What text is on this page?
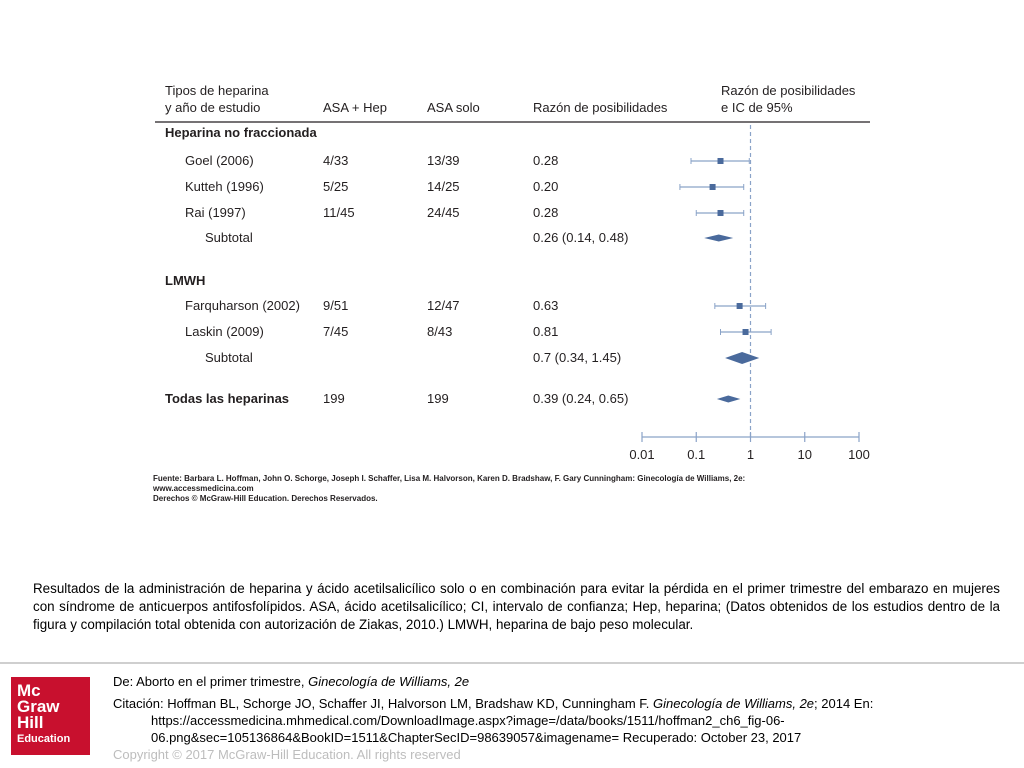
Tipos de heparina
y año de estudio	ASA + Hep	ASA solo	Razón de posibilidades
Razón de posibilidades
e IC de 95%
Heparina no fraccionada
Goel (2006)	4/33	13/39	0.28
Kutteh (1996)	5/25	14/25	0.20
Rai (1997)	11/45	24/45	0.28
Subtotal	0.26 (0.14, 0.48)
LMWH
Farquharson (2002) 9/51	12/47	0.63
Laskin (2009)	7/45	8/43	0.81
Subtotal	0.7 (0.34, 1.45)
Todas las heparinas	199	199	0.39 (0.24, 0.65)
0.01	0.1	1	10	100
Fuente: Barbara L. Hoffman, John O. Schorge, Joseph I. Schaffer, Lisa M. Halvorson, Karen D. Bradshaw, F. Gary Cunningham: Ginecología de Williams, 2e:
www.accessmedicina.com
Derechos © McGraw-Hill Education. Derechos Reservados.
Resultados de la administración de heparina y ácido acetilsalicílico solo o en combinación para evitar la pérdida en el primer trimestre del embarazo en mujeres con síndrome de anticuerpos antifosfolípidos. ASA, ácido acetilsalicílico; CI, intervalo de confianza; Hep, heparina; (Datos obtenidos de los estudios dentro de la figura y compilación total obtenida con autorización de Ziakas, 2010.) LMWH, heparina de bajo peso molecular.
Mc
Graw
Hill
Education
De: Aborto en el primer trimestre, Ginecología de Williams, 2e
Citación: Hoffman BL, Schorge JO, Schaffer JI, Halvorson LM, Bradshaw KD, Cunningham F. Ginecología de Williams, 2e; 2014 En:
https://accessmedicina.mhmedical.com/DownloadImage.aspx?image=/data/books/1511/hoffman2_ch6_fig-06-
06.png&sec=105136864&BookID=1511&ChapterSecID=98639057&imagename= Recuperado: October 23, 2017
Copyright © 2017 McGraw-Hill Education. All rights reserved
